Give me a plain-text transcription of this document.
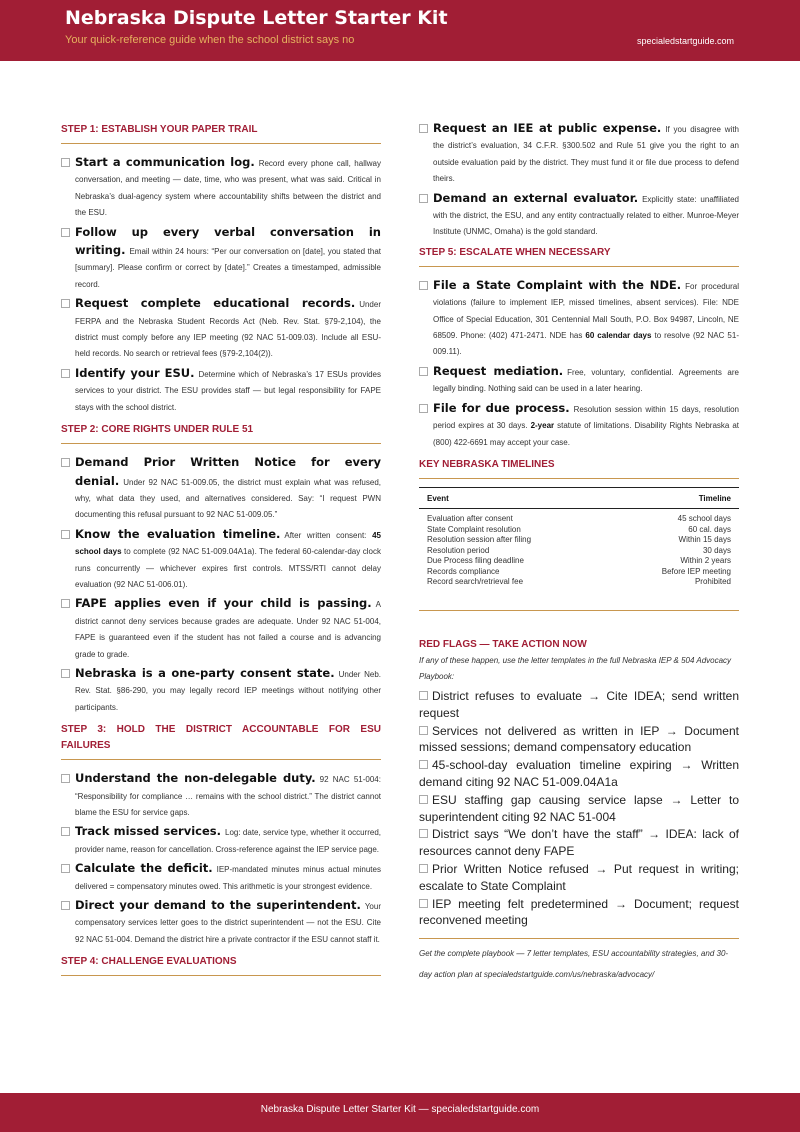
Nebraska Dispute Letter Starter Kit
Your quick-reference guide when the school district says no	specialedstartguide.com
STEP 1: ESTABLISH YOUR PAPER TRAIL
Start a communication log. Record every phone call, hallway conversation, and meeting — date, time, who was present, what was said. Critical in Nebraska’s dual-agency system where accountability shifts between the district and the ESU.
Follow up every verbal conversation in writing. Email within 24 hours: “Per our conversation on [date], you stated that [summary]. Please confirm or correct by [date].” Creates a timestamped, admissible record.
Request complete educational records. Under FERPA and the Nebraska Student Records Act (Neb. Rev. Stat. §79-2,104), the district must comply before any IEP meeting (92 NAC 51-009.03). Include all ESU-held records. No search or retrieval fees (§79-2,104(2)).
Identify your ESU. Determine which of Nebraska’s 17 ESUs provides services to your district. The ESU provides staff — but legal responsibility for FAPE stays with the school district.
STEP 2: CORE RIGHTS UNDER RULE 51
Demand Prior Written Notice for every denial. Under 92 NAC 51-009.05, the district must explain what was refused, why, what data they used, and alternatives considered. Say: “I request PWN documenting this refusal pursuant to 92 NAC 51-009.05.”
Know the evaluation timeline. After written consent: 45 school days to complete (92 NAC 51-009.04A1a). The federal 60-calendar-day clock runs concurrently — whichever expires first controls. MTSS/RTI cannot delay evaluation (92 NAC 51-006.01).
FAPE applies even if your child is passing. A district cannot deny services because grades are adequate. Under 92 NAC 51-004, FAPE is guaranteed even if the student has not failed a course and is advancing grade to grade.
Nebraska is a one-party consent state. Under Neb. Rev. Stat. §86-290, you may legally record IEP meetings without notifying other participants.
STEP 3: HOLD THE DISTRICT ACCOUNTABLE FOR ESU FAILURES
Understand the non-delegable duty. 92 NAC 51-004: “Responsibility for compliance … remains with the school district.” The district cannot blame the ESU for service gaps.
Track missed services. Log: date, service type, whether it occurred, provider name, reason for cancellation. Cross-reference against the IEP service page.
Calculate the deficit. IEP-mandated minutes minus actual minutes delivered = compensatory minutes owed. This arithmetic is your strongest evidence.
Direct your demand to the superintendent. Your compensatory services letter goes to the district superintendent — not the ESU. Cite 92 NAC 51-004. Demand the district hire a private contractor if the ESU cannot staff it.
STEP 4: CHALLENGE EVALUATIONS
Request an IEE at public expense. If you disagree with the district’s evaluation, 34 C.F.R. §300.502 and Rule 51 give you the right to an outside evaluation paid by the district. They must fund it or file due process to defend theirs.
Demand an external evaluator. Explicitly state: unaffiliated with the district, the ESU, and any entity contractually related to either. Munroe-Meyer Institute (UNMC, Omaha) is the gold standard.
STEP 5: ESCALATE WHEN NECESSARY
File a State Complaint with the NDE. For procedural violations (failure to implement IEP, missed timelines, absent services). File: NDE Office of Special Education, 301 Centennial Mall South, P.O. Box 94987, Lincoln, NE 68509. Phone: (402) 471-2471. NDE has 60 calendar days to resolve (92 NAC 51-009.11).
Request mediation. Free, voluntary, confidential. Agreements are legally binding. Nothing said can be used in a later hearing.
File for due process. Resolution session within 15 days, resolution period expires at 30 days. 2-year statute of limitations. Disability Rights Nebraska at (800) 422-6691 may accept your case.
KEY NEBRASKA TIMELINES
Event	Timeline
Evaluation after consent	45 school days
State Complaint resolution	60 cal. days
Resolution session after filing	Within 15 days
Resolution period	30 days
Due Process filing deadline	Within 2 years
Records compliance	Before IEP meeting
Record search/retrieval fee	Prohibited
RED FLAGS — TAKE ACTION NOW
If any of these happen, use the letter templates in the full Nebraska IEP & 504 Advocacy Playbook:
District refuses to evaluate → Cite IDEA; send written request
Services not delivered as written in IEP → Document missed sessions; demand compensatory education
45-school-day evaluation timeline expiring → Written demand citing 92 NAC 51-009.04A1a
ESU staffing gap causing service lapse → Letter to superintendent citing 92 NAC 51-004
District says “We don’t have the staff” → IDEA: lack of resources cannot deny FAPE
Prior Written Notice refused → Put request in writing; escalate to State Complaint
IEP meeting felt predetermined → Document; request reconvened meeting
Get the complete playbook — 7 letter templates, ESU accountability strategies, and 30-day action plan at specialedstartguide.com/us/nebraska/advocacy/
Nebraska Dispute Letter Starter Kit — specialedstartguide.com
